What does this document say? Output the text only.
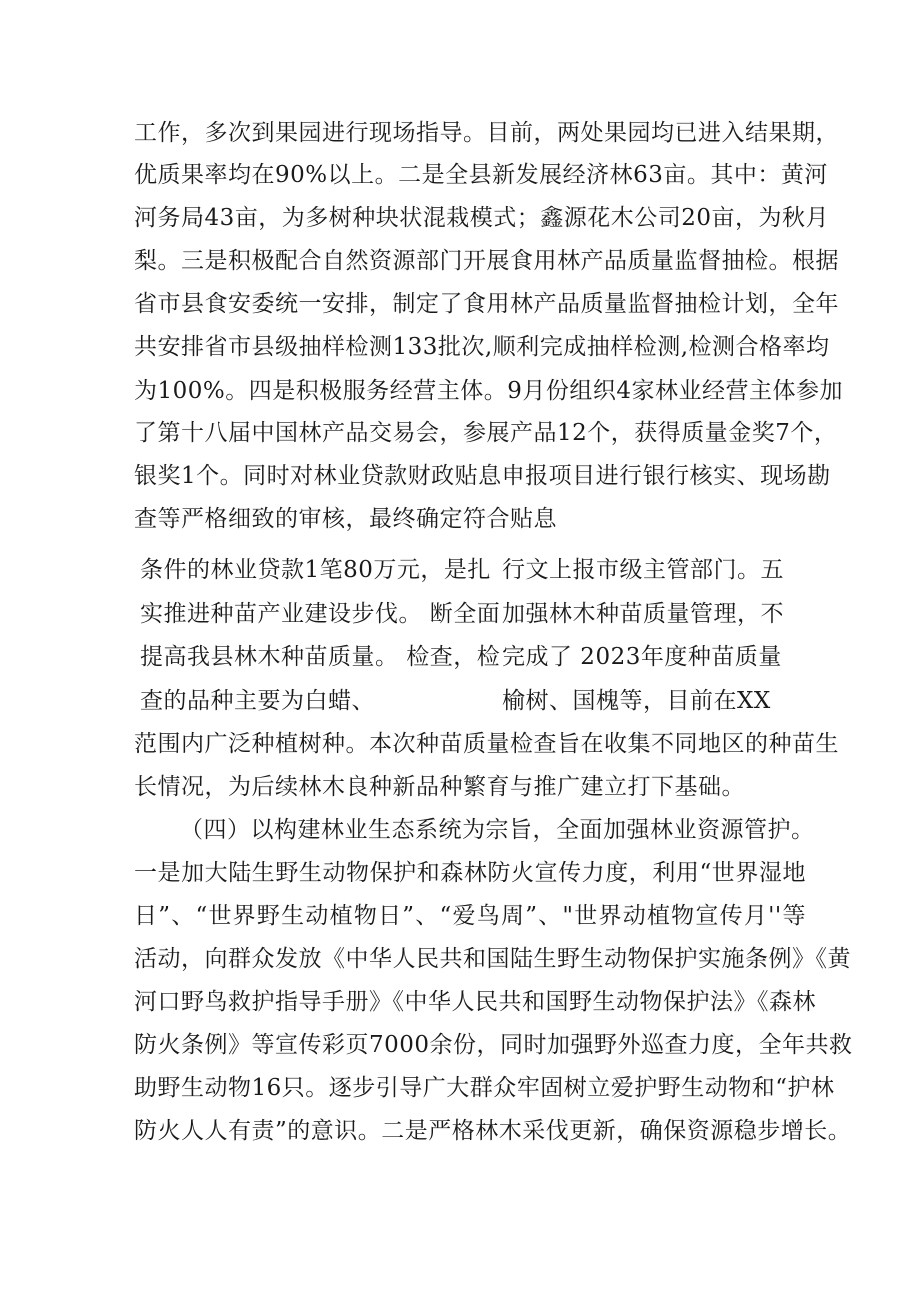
工作，多次到果园进行现场指导。目前，两处果园均已进入结果期，
优质果率均在90%以上。二是全县新发展经济林63亩。其中：黄河
河务局43亩，为多树种块状混栽模式；鑫源花木公司20亩，为秋月
梨。三是积极配合自然资源部门开展食用林产品质量监督抽检。根据
省市县食安委统一安排，制定了食用林产品质量监督抽检计划，全年
共安排省市县级抽样检测133批次,顺利完成抽样检测,检测合格率均
为100%。四是积极服务经营主体。9月份组织4家林业经营主体参加
了第十八届中国林产品交易会，参展产品12个，获得质量金奖7个，
银奖1个。同时对林业贷款财政贴息申报项目进行银行核实、现场勘
查等严格细致的审核，最终确定符合贴息
条件的林业贷款1笔80万元，是扎 行文上报市级主管部门。五
实推进种苗产业建设步伐。 断全面 加强林木种苗质量管理，不
提高我县林木种苗质量。 检查，检 完成了 2023年度种苗质量
查的品种主要为白蜡、	榆树、国槐等，目前在XX
范围内广泛种植树种。本次种苗质量检查旨在收集不同地区的种苗生
长情况，为后续林木良种新品种繁育与推广建立打下基础。
（四）以构建林业生态系统为宗旨，全面加强林业资源管护。
一是加大陆生野生动物保护和森林防火宣传力度，利用“世界湿地
日”、“世界野生动植物日”、“爱鸟周”、"世界动植物宣传月''等
活动，向群众发放《中华人民共和国陆生野生动物保护实施条例》《黄
河口野鸟救护指导手册》《中华人民共和国野生动物保护法》《森林
防火条例》等宣传彩页7000余份，同时加强野外巡查力度，全年共救
助野生动物16只。逐步引导广大群众牢固树立爱护野生动物和“护林
防火人人有责”的意识。二是严格林木采伐更新，确保资源稳步增长。
